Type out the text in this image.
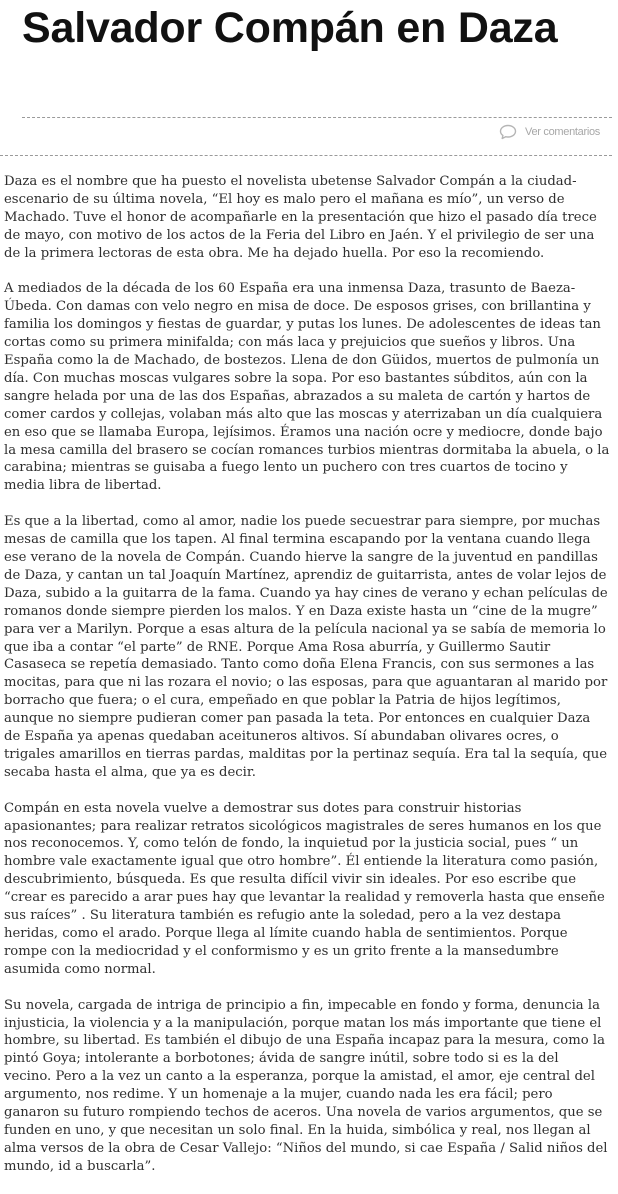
Salvador Compán en Daza
Ver comentarios

Daza es el nombre que ha puesto el novelista ubetense Salvador Compán a la ciudad-escenario de su última novela, “El hoy es malo pero el mañana es mío”, un verso de Machado. Tuve el honor de acompañarle en la presentación que hizo el pasado día trece de mayo, con motivo de los actos de la Feria del Libro en Jaén. Y el privilegio de ser una de la primera lectoras de esta obra. Me ha dejado huella. Por eso la recomiendo.

A mediados de la década de los 60 España era una inmensa Daza, trasunto de Baeza-Úbeda. Con damas con velo negro en misa de doce. De esposos grises, con brillantina y familia los domingos y fiestas de guardar, y putas los lunes. De adolescentes de ideas tan cortas como su primera minifalda; con más laca y prejuicios que sueños y libros. Una España como la de Machado, de bostezos. Llena de don Güidos, muertos de pulmonía un día. Con muchas moscas vulgares sobre la sopa. Por eso bastantes súbditos, aún con la sangre helada por una de las dos Españas, abrazados a su maleta de cartón y hartos de comer cardos y collejas, volaban más alto que las moscas y aterrizaban un día cualquiera en eso que se llamaba Europa, lejísimos. Éramos una nación ocre y mediocre, donde bajo la mesa camilla del brasero se cocían romances turbios mientras dormitaba la abuela, o la carabina; mientras se guisaba a fuego lento un puchero con tres cuartos de tocino y media libra de libertad.

Es que a la libertad, como al amor, nadie los puede secuestrar para siempre, por muchas mesas de camilla que los tapen. Al final termina escapando por la ventana cuando llega ese verano de la novela de Compán. Cuando hierve la sangre de la juventud en pandillas de Daza, y cantan un tal Joaquín Martínez, aprendiz de guitarrista, antes de volar lejos de Daza, subido a la guitarra de la fama. Cuando ya hay cines de verano y echan películas de romanos donde siempre pierden los malos. Y en Daza existe hasta un “cine de la mugre” para ver a Marilyn. Porque a esas altura de la película nacional ya se sabía de memoria lo que iba a contar “el parte” de RNE. Porque Ama Rosa aburría, y Guillermo Sautir Casaseca se repetía demasiado. Tanto como doña Elena Francis, con sus sermones a las mocitas, para que ni las rozara el novio; o las esposas, para que aguantaran al marido por borracho que fuera; o el cura, empeñado en que poblar la Patria de hijos legítimos, aunque no siempre pudieran comer pan pasada la teta. Por entonces en cualquier Daza de España ya apenas quedaban aceituneros altivos. Sí abundaban olivares ocres, o trigales amarillos en tierras pardas, malditas por la pertinaz sequía. Era tal la sequía, que secaba hasta el alma, que ya es decir.

Compán en esta novela vuelve a demostrar sus dotes para construir historias apasionantes; para realizar retratos sicológicos magistrales de seres humanos en los que nos reconocemos. Y, como telón de fondo, la inquietud por la justicia social, pues “ un hombre vale exactamente igual que otro hombre”. Él entiende la literatura como pasión, descubrimiento, búsqueda. Es que resulta difícil vivir sin ideales. Por eso escribe que “crear es parecido a arar pues hay que levantar la realidad y removerla hasta que enseñe sus raíces” . Su literatura también es refugio ante la soledad, pero a la vez destapa heridas, como el arado. Porque llega al límite cuando habla de sentimientos. Porque rompe con la mediocridad y el conformismo y es un grito frente a la mansedumbre asumida como normal.

Su novela, cargada de intriga de principio a fin, impecable en fondo y forma, denuncia la injusticia, la violencia y a la manipulación, porque matan los más importante que tiene el hombre, su libertad. Es también el dibujo de una España incapaz para la mesura, como la pintó Goya; intolerante a borbotones; ávida de sangre inútil, sobre todo si es la del vecino. Pero a la vez un canto a la esperanza, porque la amistad, el amor, eje central del argumento, nos redime. Y un homenaje a la mujer, cuando nada les era fácil; pero ganaron su futuro rompiendo techos de aceros. Una novela de varios argumentos, que se funden en uno, y que necesitan un solo final. En la huida, simbólica y real, nos llegan al alma versos de la obra de Cesar Vallejo: “Niños del mundo, si cae España / Salid niños del mundo, id a buscarla”.
